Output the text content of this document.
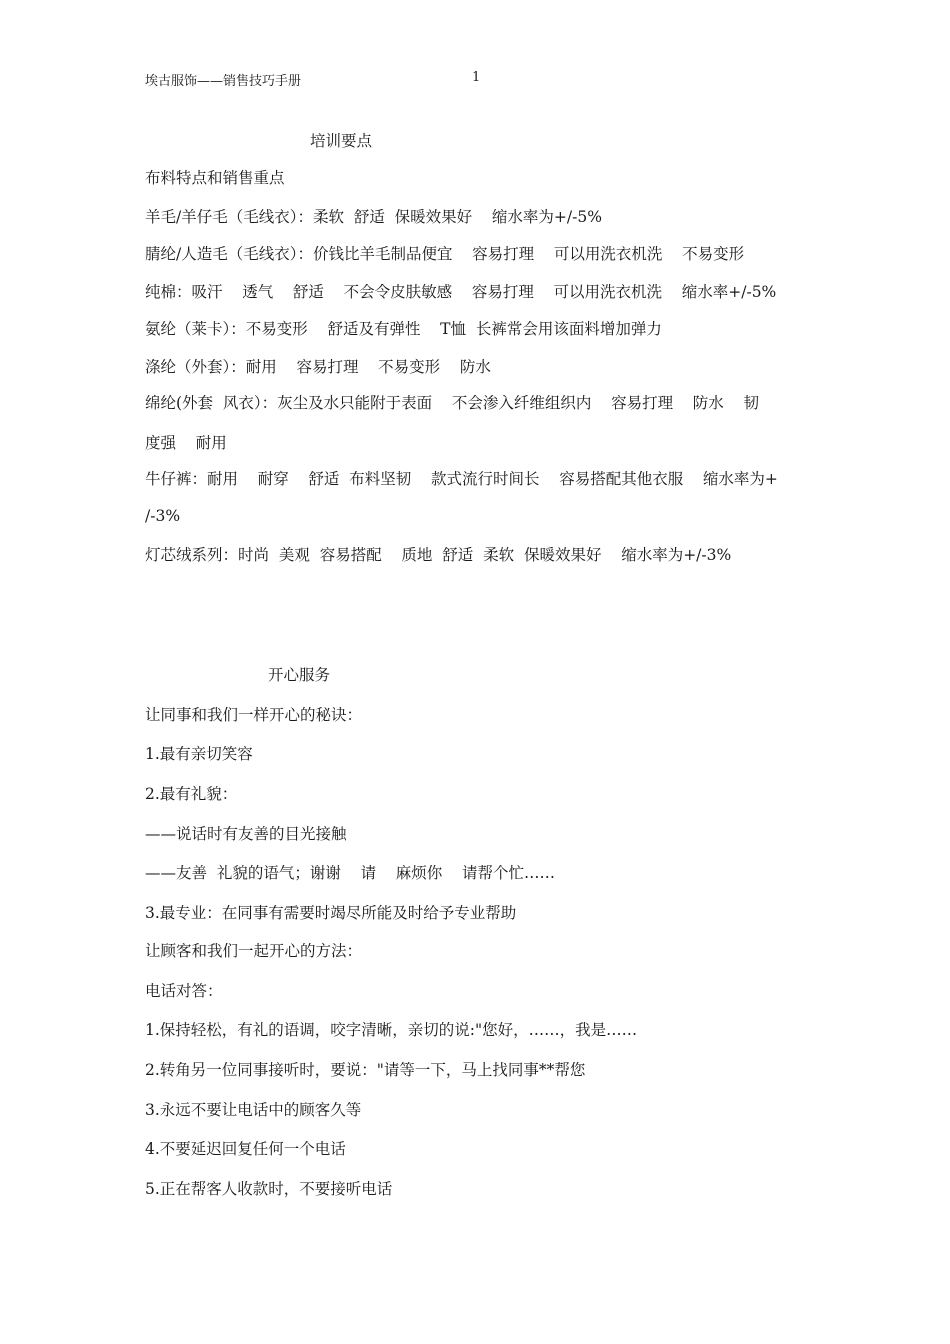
埃古服饰——销售技巧手册	1
培训要点
布料特点和销售重点
羊毛/羊仔毛（毛线衣）：柔软  舒适  保暖效果好    缩水率为+/-5%
腈纶/人造毛（毛线衣）：价钱比羊毛制品便宜    容易打理    可以用洗衣机洗    不易变形
纯棉：吸汗    透气    舒适    不会令皮肤敏感    容易打理    可以用洗衣机洗    缩水率+/-5%
氨纶（莱卡）：不易变形    舒适及有弹性    T恤  长裤常会用该面料增加弹力
涤纶（外套）：耐用    容易打理    不易变形    防水
绵纶(外套  风衣）：灰尘及水只能附于表面    不会渗入纤维组织内    容易打理    防水    韧
度强    耐用
牛仔裤：耐用    耐穿    舒适  布料坚韧    款式流行时间长    容易搭配其他衣服    缩水率为+
/-3%
灯芯绒系列：时尚  美观  容易搭配    质地  舒适  柔软  保暖效果好    缩水率为+/-3%
开心服务
让同事和我们一样开心的秘诀：
1.最有亲切笑容
2.最有礼貌：
——说话时有友善的目光接触
——友善  礼貌的语气；谢谢    请    麻烦你    请帮个忙……
3.最专业：在同事有需要时竭尽所能及时给予专业帮助
让顾客和我们一起开心的方法：
电话对答：
1.保持轻松，有礼的语调，咬字清晰，亲切的说:"您好，……，我是……
2.转角另一位同事接听时，要说："请等一下，马上找同事**帮您
3.永远不要让电话中的顾客久等
4.不要延迟回复任何一个电话
5.正在帮客人收款时，不要接听电话
